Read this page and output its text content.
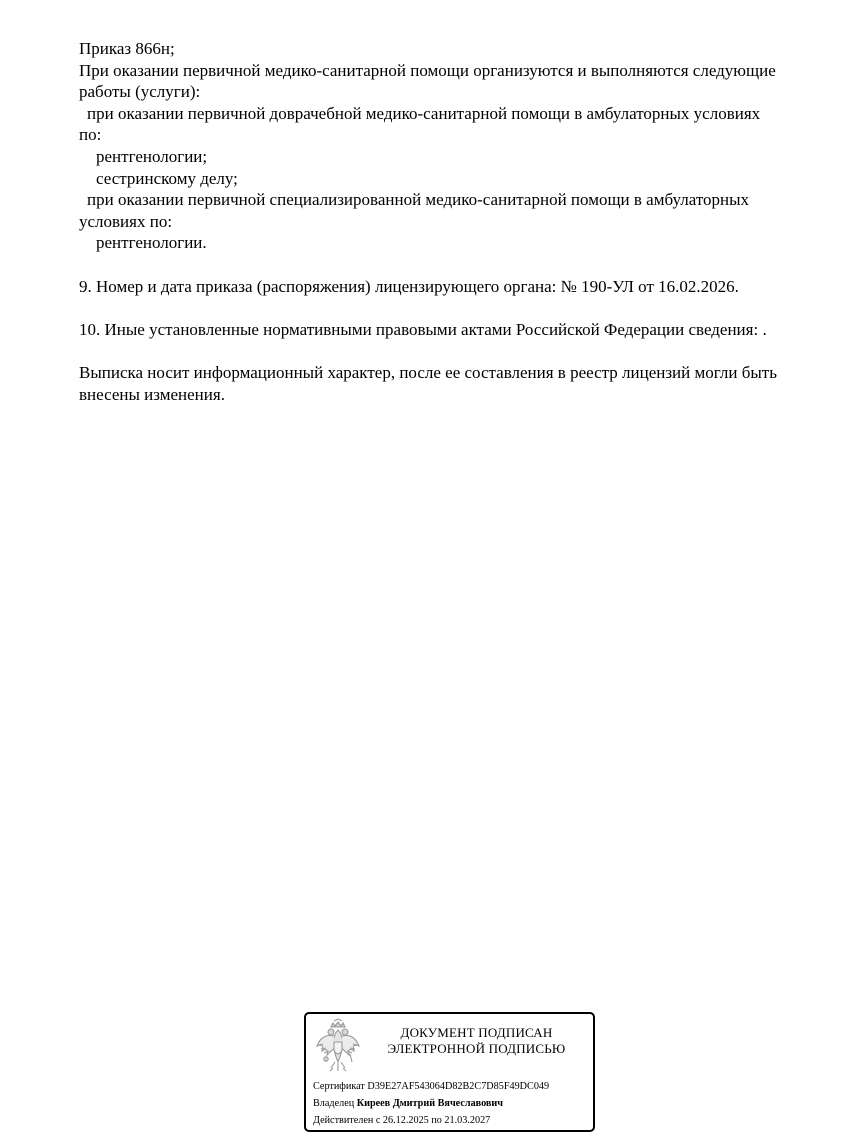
Приказ 866н;

При оказании первичной медико-санитарной помощи организуются и выполняются следующие

работы (услуги):

при оказании первичной доврачебной медико-санитарной помощи в амбулаторных условиях

по:

рентгенологии;

сестринскому делу;

при оказании первичной специализированной медико-санитарной помощи в амбулаторных

условиях по:

рентгенологии.

9. Номер и дата приказа (распоряжения) лицензирующего органа: № 190-УЛ от 16.02.2026.

10. Иные установленные нормативными правовыми актами Российской Федерации сведения: .

Выписка носит информационный характер, после ее составления в реестр лицензий могли быть

внесены изменения.

ДОКУМЕНТ ПОДПИСАН
ЭЛЕКТРОННОЙ ПОДПИСЬЮ
Сертификат D39E27AF543064D82B2C7D85F49DC049
Владелец Киреев Дмитрий Вячеславович
Действителен с 26.12.2025 по 21.03.2027
